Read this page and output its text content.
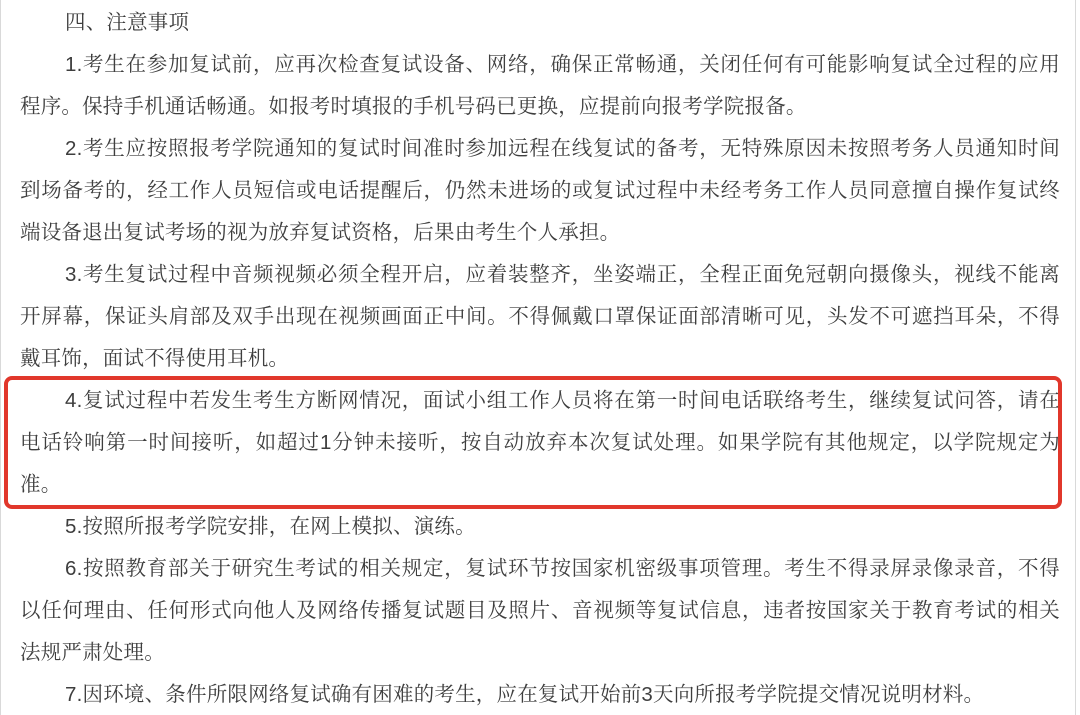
四、注意事项
1.考生在参加复试前，应再次检查复试设备、网络，确保正常畅通，关闭任何有可能影响复试全过程的应用
程序。保持手机通话畅通。如报考时填报的手机号码已更换，应提前向报考学院报备。
2.考生应按照报考学院通知的复试时间准时参加远程在线复试的备考，无特殊原因未按照考务人员通知时间
到场备考的，经工作人员短信或电话提醒后，仍然未进场的或复试过程中未经考务工作人员同意擅自操作复试终
端设备退出复试考场的视为放弃复试资格，后果由考生个人承担。
3.考生复试过程中音频视频必须全程开启，应着装整齐，坐姿端正，全程正面免冠朝向摄像头，视线不能离
开屏幕，保证头肩部及双手出现在视频画面正中间。不得佩戴口罩保证面部清晰可见，头发不可遮挡耳朵，不得
戴耳饰，面试不得使用耳机。
4.复试过程中若发生考生方断网情况，面试小组工作人员将在第一时间电话联络考生，继续复试问答，请在
电话铃响第一时间接听，如超过1分钟未接听，按自动放弃本次复试处理。如果学院有其他规定，以学院规定为
准。
5.按照所报考学院安排，在网上模拟、演练。
6.按照教育部关于研究生考试的相关规定，复试环节按国家机密级事项管理。考生不得录屏录像录音，不得
以任何理由、任何形式向他人及网络传播复试题目及照片、音视频等复试信息，违者按国家关于教育考试的相关
法规严肃处理。
7.因环境、条件所限网络复试确有困难的考生，应在复试开始前3天向所报考学院提交情况说明材料。
